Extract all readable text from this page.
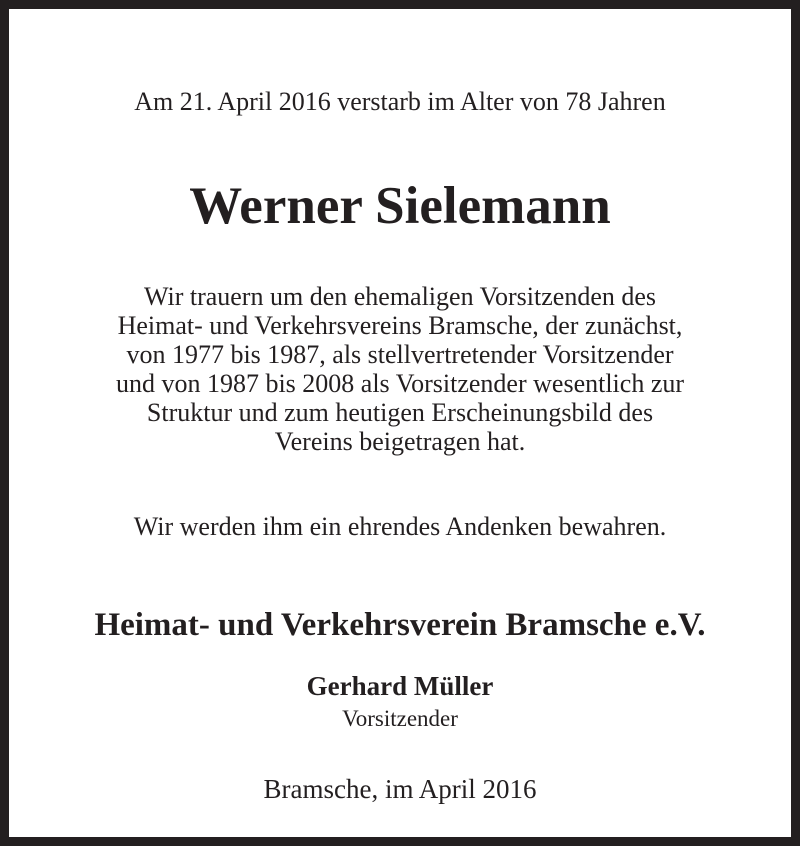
Am 21. April 2016 verstarb im Alter von 78 Jahren
Werner Sielemann
Wir trauern um den ehemaligen Vorsitzenden des
Heimat- und Verkehrsvereins Bramsche, der zunächst,
von 1977 bis 1987, als stellvertretender Vorsitzender
und von 1987 bis 2008 als Vorsitzender wesentlich zur
Struktur und zum heutigen Erscheinungsbild des
Vereins beigetragen hat.
Wir werden ihm ein ehrendes Andenken bewahren.
Heimat- und Verkehrsverein Bramsche e.V.
Gerhard Müller
Vorsitzender
Bramsche, im April 2016
